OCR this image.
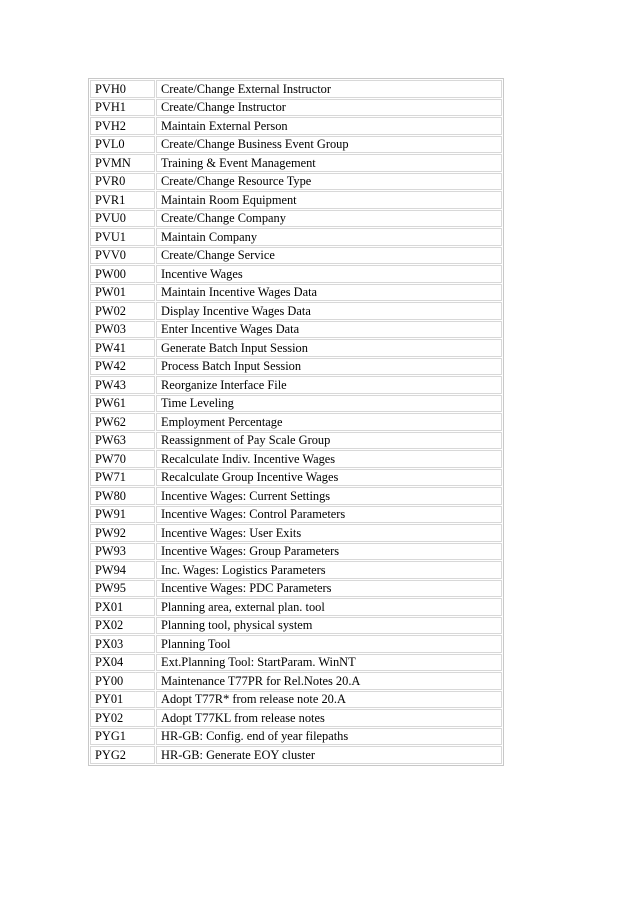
PVH0	Create/Change External Instructor
PVH1	Create/Change Instructor
PVH2	Maintain External Person
PVL0	Create/Change Business Event Group
PVMN	Training & Event Management
PVR0	Create/Change Resource Type
PVR1	Maintain Room Equipment
PVU0	Create/Change Company
PVU1	Maintain Company
PVV0	Create/Change Service
PW00	Incentive Wages
PW01	Maintain Incentive Wages Data
PW02	Display Incentive Wages Data
PW03	Enter Incentive Wages Data
PW41	Generate Batch Input Session
PW42	Process Batch Input Session
PW43	Reorganize Interface File
PW61	Time Leveling
PW62	Employment Percentage
PW63	Reassignment of Pay Scale Group
PW70	Recalculate Indiv. Incentive Wages
PW71	Recalculate Group Incentive Wages
PW80	Incentive Wages: Current Settings
PW91	Incentive Wages: Control Parameters
PW92	Incentive Wages: User Exits
PW93	Incentive Wages: Group Parameters
PW94	Inc. Wages: Logistics Parameters
PW95	Incentive Wages: PDC Parameters
PX01	Planning area, external plan. tool
PX02	Planning tool, physical system
PX03	Planning Tool
PX04	Ext.Planning Tool: StartParam. WinNT
PY00	Maintenance T77PR for Rel.Notes 20.A
PY01	Adopt T77R* from release note 20.A
PY02	Adopt T77KL from release notes
PYG1	HR-GB: Config. end of year filepaths
PYG2	HR-GB: Generate EOY cluster
